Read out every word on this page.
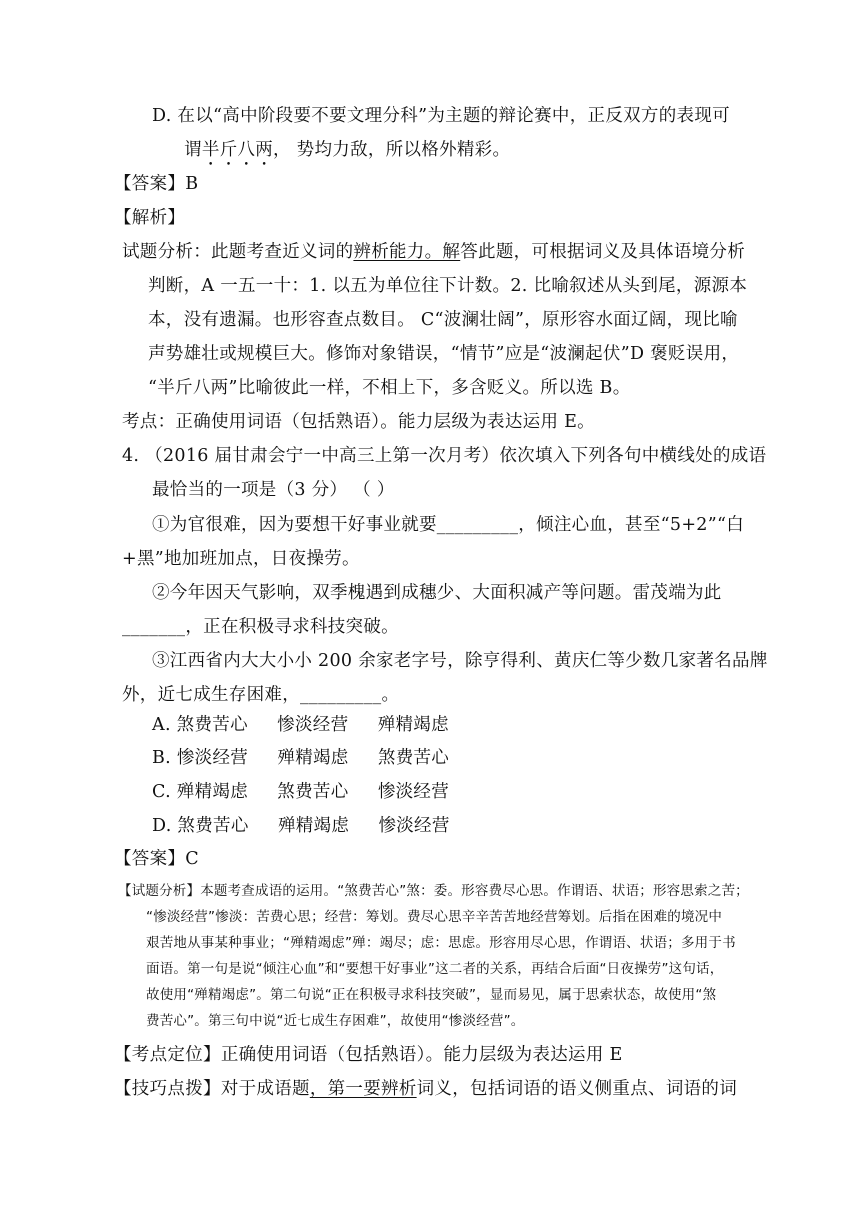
D. 在以“高中阶段要不要文理分科”为主题的辩论赛中，正反双方的表现可
谓半斤八两， 势均力敌，所以格外精彩。
【答案】B
【解析】
试题分析：此题考查近义词的辨析能力。解答此题，可根据词义及具体语境分析
判断，A 一五一十：1. 以五为单位往下计数。2. 比喻叙述从头到尾，源源本
本，没有遗漏。也形容查点数目。 C“波澜壮阔”，原形容水面辽阔，现比喻
声势雄壮或规模巨大。修饰对象错误，“情节”应是“波澜起伏”D 褒贬误用，
“半斤八两”比喻彼此一样，不相上下，多含贬义。所以选 B。
考点：正确使用词语（包括熟语）。能力层级为表达运用 E。
4. （2016 届甘肃会宁一中高三上第一次月考）依次填入下列各句中横线处的成语
最恰当的一项是（3 分） （ ）
①为官很难，因为要想干好事业就要_________，倾注心血，甚至“5+2”“白
+黑”地加班加点，日夜操劳。
②今年因天气影响，双季槐遇到成穗少、大面积减产等问题。雷茂端为此
_______，正在积极寻求科技突破。
③江西省内大大小小 200 余家老字号，除亨得利、黄庆仁等少数几家著名品牌
外，近七成生存困难，_________。
A. 煞费苦心     惨淡经营     殚精竭虑
B. 惨淡经营     殚精竭虑     煞费苦心
C. 殚精竭虑     煞费苦心     惨淡经营
D. 煞费苦心     殚精竭虑     惨淡经营
【答案】C
【试题分析】本题考查成语的运用。“煞费苦心”煞：委。形容费尽心思。作谓语、状语；形容思索之苦；
“惨淡经营”惨淡：苦费心思；经营：筹划。费尽心思辛辛苦苦地经营筹划。后指在困难的境况中
艰苦地从事某种事业；“殚精竭虑”殚：竭尽；虑：思虑。形容用尽心思，作谓语、状语；多用于书
面语。第一句是说“倾注心血”和“要想干好事业”这二者的关系，再结合后面“日夜操劳”这句话，
故使用“殚精竭虑”。第二句说“正在积极寻求科技突破”，显而易见，属于思索状态，故使用“煞
费苦心”。第三句中说“近七成生存困难”，故使用“惨淡经营”。
【考点定位】正确使用词语（包括熟语）。能力层级为表达运用 E
【技巧点拨】对于成语题，第一要辨析词义，包括词语的语义侧重点、词语的词
